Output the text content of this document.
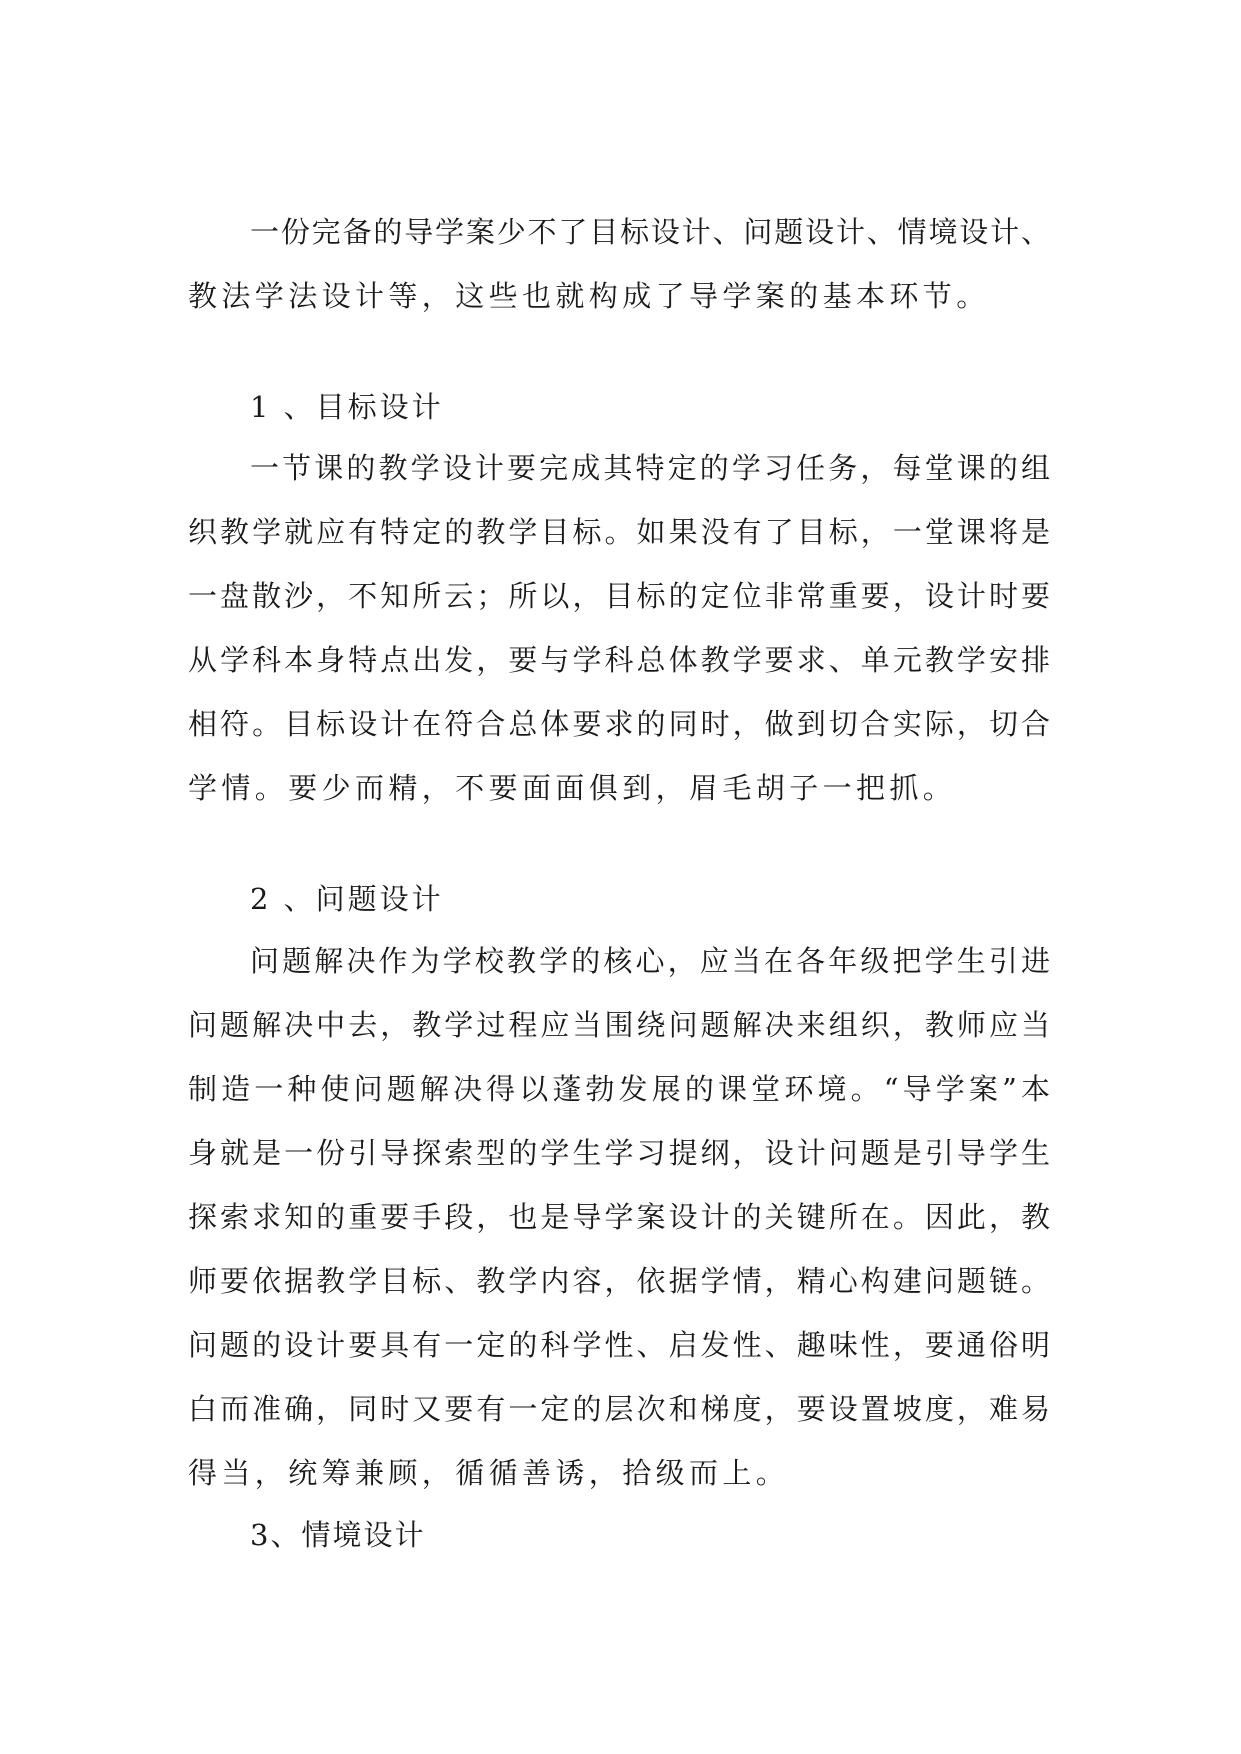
一份完备的导学案少不了目标设计、问题设计、情境设计、
教法学法设计等，这些也就构成了导学案的基本环节。
1 、目标设计
一节课的教学设计要完成其特定的学习任务，每堂课的组
织教学就应有特定的教学目标。如果没有了目标，一堂课将是
一盘散沙，不知所云；所以，目标的定位非常重要，设计时要
从学科本身特点出发，要与学科总体教学要求、单元教学安排
相符。目标设计在符合总体要求的同时，做到切合实际，切合
学情。要少而精，不要面面俱到，眉毛胡子一把抓。
2 、问题设计
问题解决作为学校教学的核心，应当在各年级把学生引进
问题解决中去，教学过程应当围绕问题解决来组织，教师应当
制造一种使问题解决得以蓬勃发展的课堂环境。“导学案”本
身就是一份引导探索型的学生学习提纲，设计问题是引导学生
探索求知的重要手段，也是导学案设计的关键所在。因此，教
师要依据教学目标、教学内容，依据学情，精心构建问题链。
问题的设计要具有一定的科学性、启发性、趣味性，要通俗明
白而准确，同时又要有一定的层次和梯度，要设置坡度，难易
得当，统筹兼顾，循循善诱，拾级而上。
3、情境设计
